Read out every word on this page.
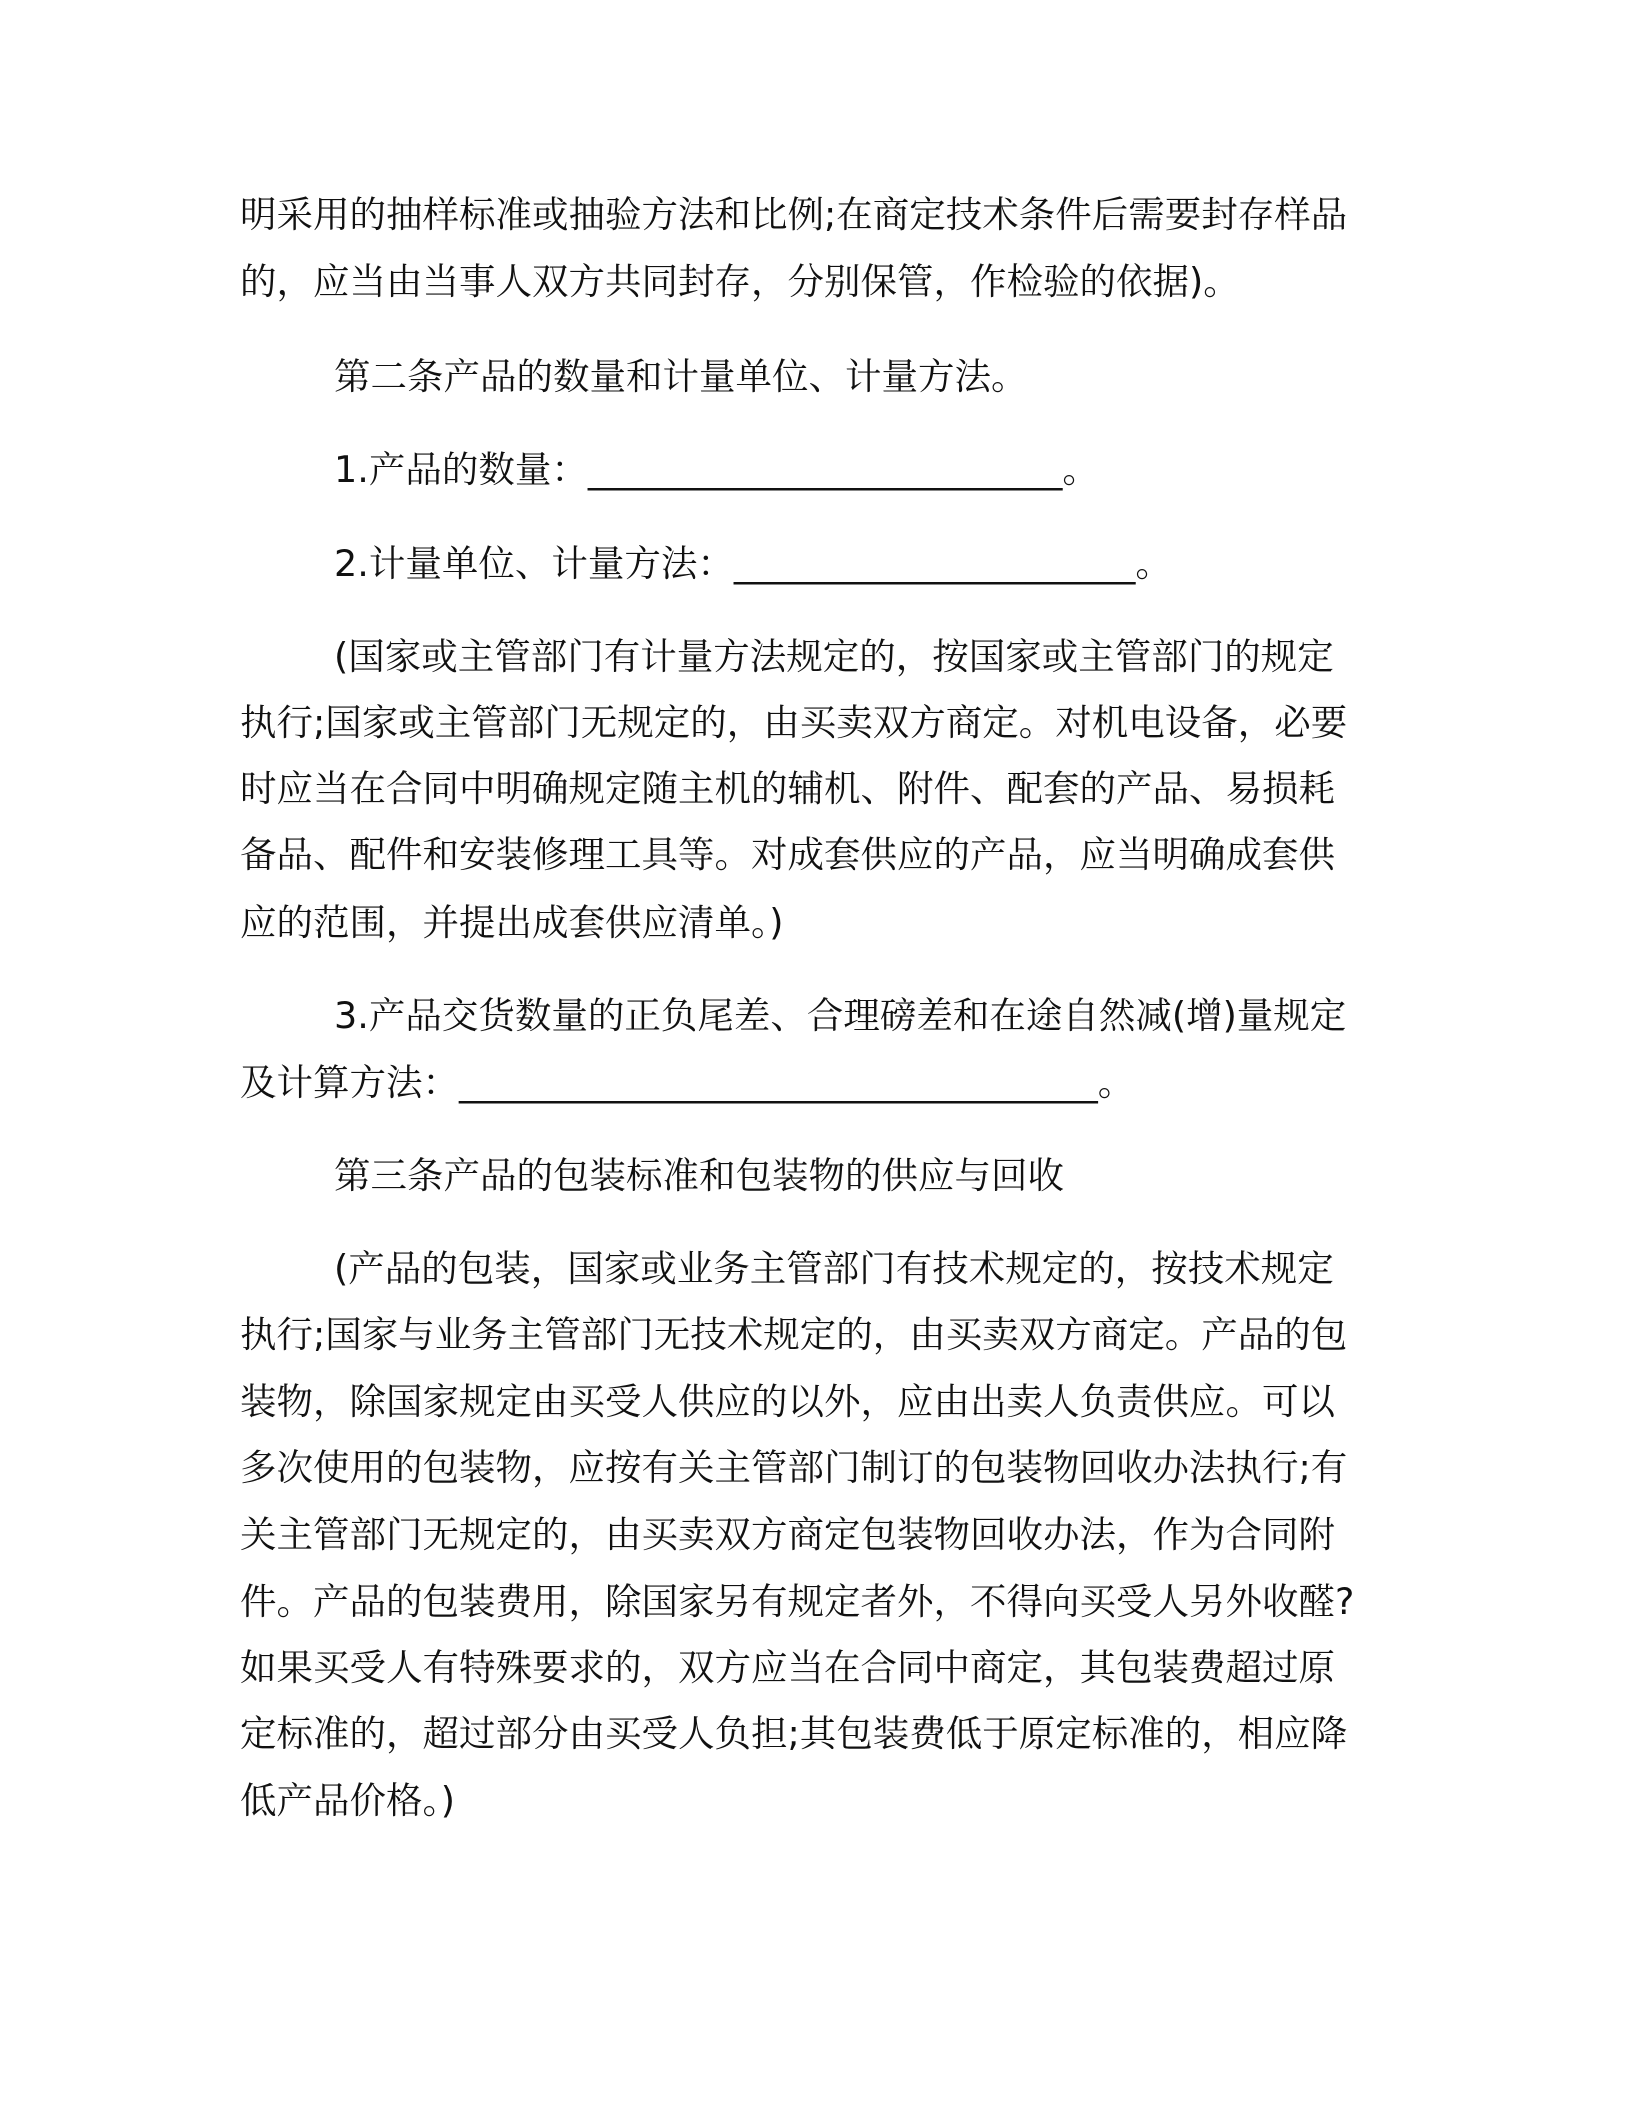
明采用的抽样标准或抽验方法和比例;在商定技术条件后需要封存样品
的，应当由当事人双方共同封存，分别保管，作检验的依据)。
第二条产品的数量和计量单位、计量方法。
1.产品的数量：__________________________。
2.计量单位、计量方法：______________________。
(国家或主管部门有计量方法规定的，按国家或主管部门的规定
执行;国家或主管部门无规定的，由买卖双方商定。对机电设备，必要
时应当在合同中明确规定随主机的辅机、附件、配套的产品、易损耗
备品、配件和安装修理工具等。对成套供应的产品，应当明确成套供
应的范围，并提出成套供应清单。)
3.产品交货数量的正负尾差、合理磅差和在途自然减(增)量规定
及计算方法：___________________________________。
第三条产品的包装标准和包装物的供应与回收
(产品的包装，国家或业务主管部门有技术规定的，按技术规定
执行;国家与业务主管部门无技术规定的，由买卖双方商定。产品的包
装物，除国家规定由买受人供应的以外，应由出卖人负责供应。可以
多次使用的包装物，应按有关主管部门制订的包装物回收办法执行;有
关主管部门无规定的，由买卖双方商定包装物回收办法，作为合同附
件。产品的包装费用，除国家另有规定者外，不得向买受人另外收醛?
如果买受人有特殊要求的，双方应当在合同中商定，其包装费超过原
定标准的，超过部分由买受人负担;其包装费低于原定标准的，相应降
低产品价格。)
